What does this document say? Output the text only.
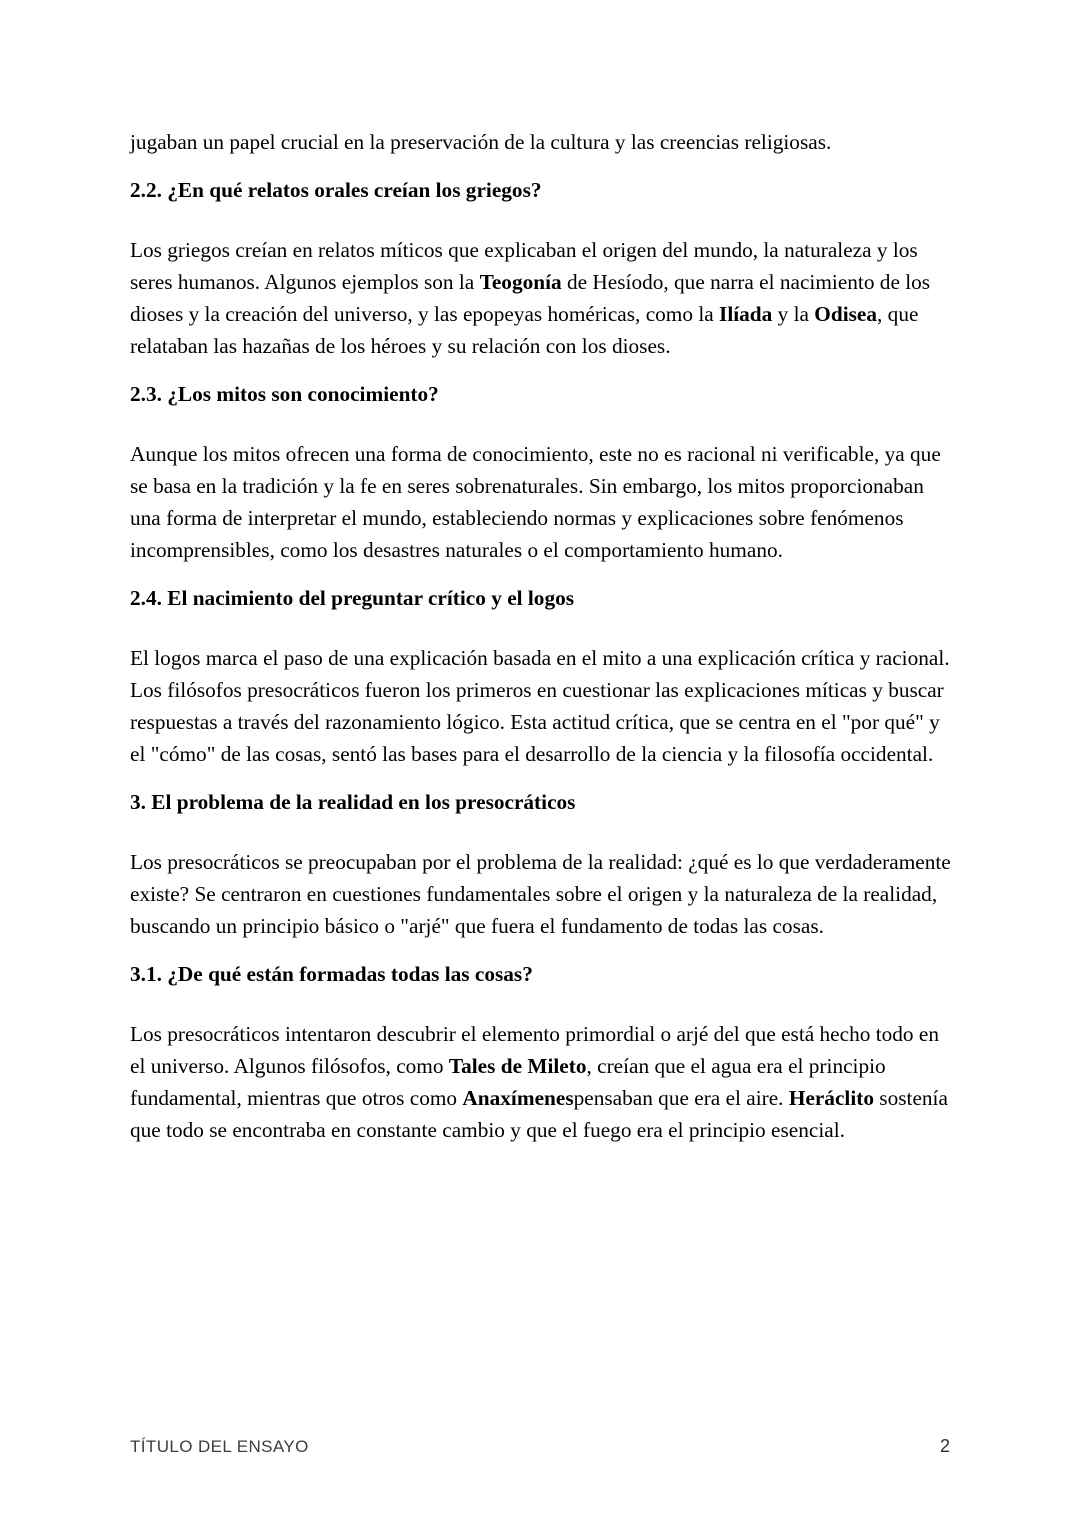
jugaban un papel crucial en la preservación de la cultura y las creencias religiosas.

2.2. ¿En qué relatos orales creían los griegos?

Los griegos creían en relatos míticos que explicaban el origen del mundo, la naturaleza y los seres humanos. Algunos ejemplos son la Teogonía de Hesíodo, que narra el nacimiento de los dioses y la creación del universo, y las epopeyas homéricas, como la Ilíada y la Odisea, que relataban las hazañas de los héroes y su relación con los dioses.

2.3. ¿Los mitos son conocimiento?

Aunque los mitos ofrecen una forma de conocimiento, este no es racional ni verificable, ya que se basa en la tradición y la fe en seres sobrenaturales. Sin embargo, los mitos proporcionaban una forma de interpretar el mundo, estableciendo normas y explicaciones sobre fenómenos incomprensibles, como los desastres naturales o el comportamiento humano.

2.4. El nacimiento del preguntar crítico y el logos

El logos marca el paso de una explicación basada en el mito a una explicación crítica y racional. Los filósofos presocráticos fueron los primeros en cuestionar las explicaciones míticas y buscar respuestas a través del razonamiento lógico. Esta actitud crítica, que se centra en el "por qué" y el "cómo" de las cosas, sentó las bases para el desarrollo de la ciencia y la filosofía occidental.

3. El problema de la realidad en los presocráticos

Los presocráticos se preocupaban por el problema de la realidad: ¿qué es lo que verdaderamente existe? Se centraron en cuestiones fundamentales sobre el origen y la naturaleza de la realidad, buscando un principio básico o "arjé" que fuera el fundamento de todas las cosas.

3.1. ¿De qué están formadas todas las cosas?

Los presocráticos intentaron descubrir el elemento primordial o arjé del que está hecho todo en el universo. Algunos filósofos, como Tales de Mileto, creían que el agua era el principio fundamental, mientras que otros como Anaxímenespensaban que era el aire. Heráclito sostenía que todo se encontraba en constante cambio y que el fuego era el principio esencial.

TÍTULO DEL ENSAYO	2
